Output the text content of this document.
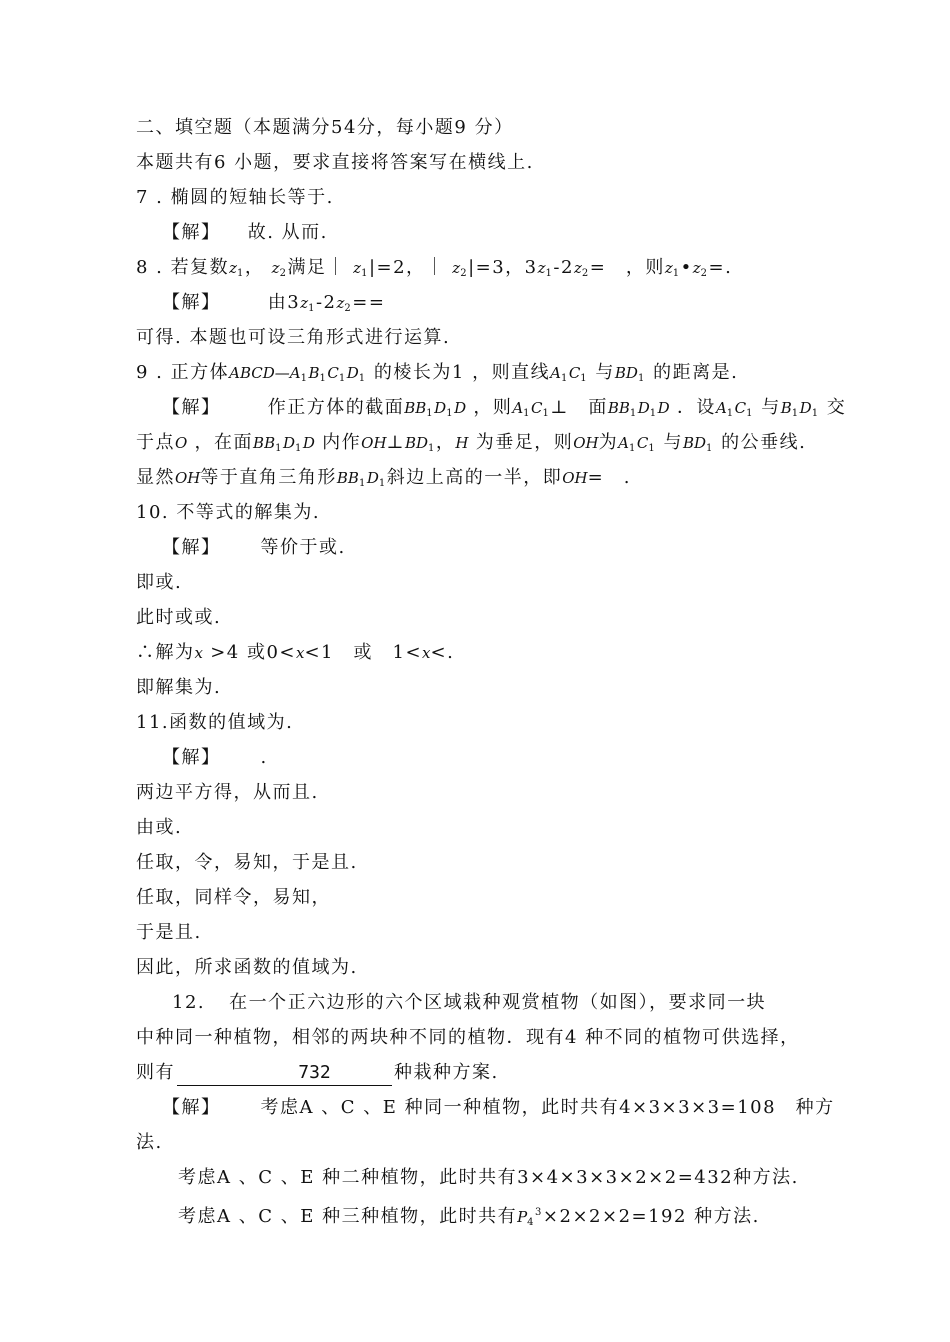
二、填空题（本题满分54分，每小题9 分）
本题共有6 小题，要求直接将答案写在横线上.
7 . 椭圆的短轴长等于.
【解】 故. 从而.
8 . 若复数z1， z2满足｜ z1|=2，｜ z2|=3，3z1-2z2=　，则z1•z2=.
【解】	由3z1-2z2==
可得. 本题也可设三角形式进行运算.
9 . 正方体ABCD—A1B1C1D1 的棱长为1 ，则直线A1C1 与BD1 的距离是.
【解】	作正方体的截面BB1D1D ，则A1C1⊥　面BB1D1D ．设A1C1 与B1D1 交
于点O ，在面BB1D1D 内作OH⊥BD1，H 为垂足，则OH为A1C1 与BD1 的公垂线.
显然OH等于直角三角形BB1D1斜边上高的一半，即OH=　.
10. 不等式的解集为.
【解】 等价于或.
即或.
此时或或.
∴解为x >4 或0<x<1　或　1<x<.
即解集为.
11.函数的值域为.
【解】 .
两边平方得，从而且.
由或.
任取，令，易知，于是且.
任取，同样令，易知，
于是且.
因此，所求函数的值域为.
12. 在一个正六边形的六个区域栽种观赏植物（如图），要求同一块
中种同一种植物，相邻的两块种不同的植物．现有4 种不同的植物可供选择，
则有	732	种栽种方案.
【解】 考虑A 、C 、E 种同一种植物，此时共有4×3×3×3=108　种方
法.
考虑A 、C 、E 种二种植物，此时共有3×4×3×3×2×2=432种方法.
考虑A 、C 、E 种三种植物，此时共有$P4^3\times 2\times 2\times 2=192$ 种方法.
